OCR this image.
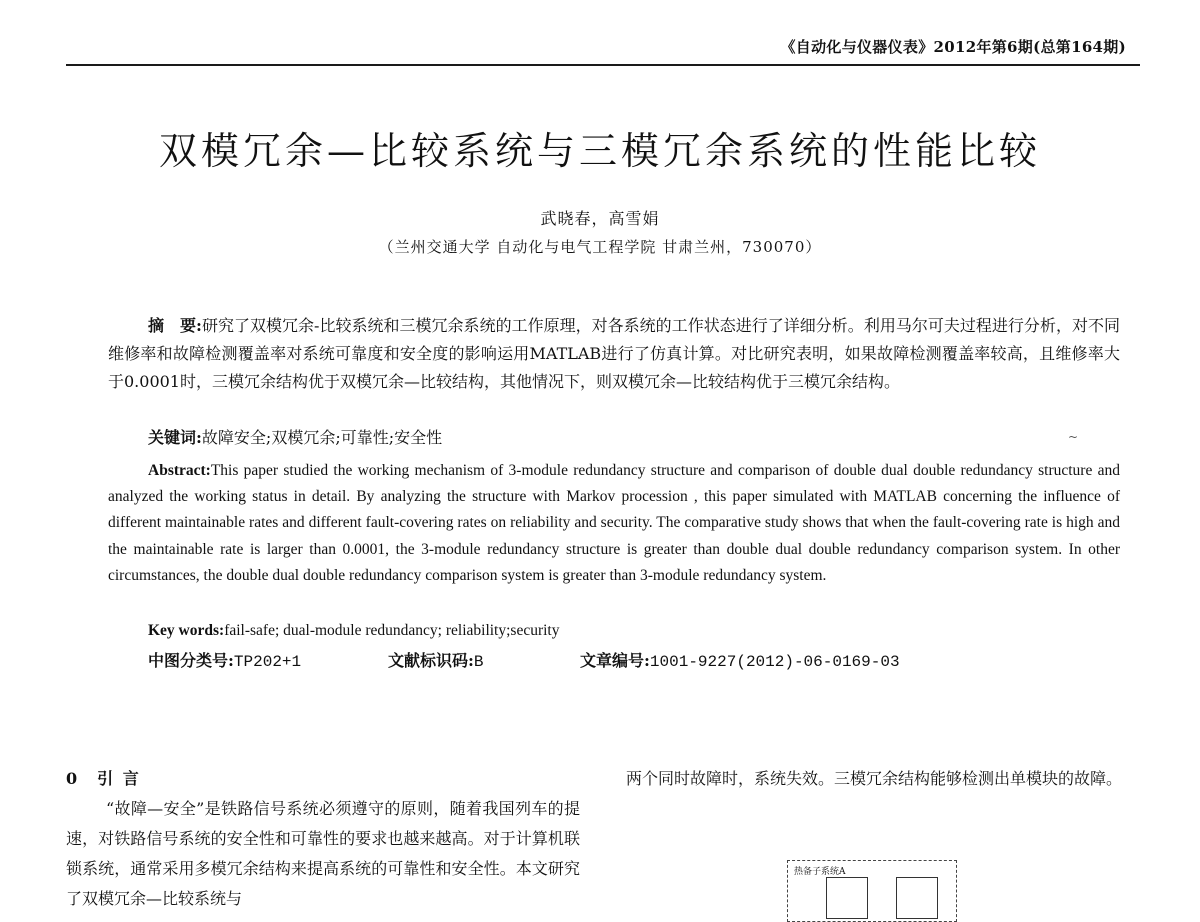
《自动化与仪器仪表》2012年第6期(总第164期)
双模冗余—比较系统与三模冗余系统的性能比较
武晓春，高雪娟
（兰州交通大学 自动化与电气工程学院 甘肃兰州，730070）
摘　要:研究了双模冗余-比较系统和三模冗余系统的工作原理，对各系统的工作状态进行了详细分析。利用马尔可夫过程进行分析，对不同维修率和故障检测覆盖率对系统可靠度和安全度的影响运用MATLAB进行了仿真计算。对比研究表明，如果故障检测覆盖率较高，且维修率大于0.0001时，三模冗余结构优于双模冗余—比较结构，其他情况下，则双模冗余—比较结构优于三模冗余结构。
关键词:故障安全;双模冗余;可靠性;安全性	~
Abstract:This paper studied the working mechanism of 3-module redundancy structure and comparison of double dual double redundancy structure and analyzed the working status in detail. By analyzing the structure with Markov procession , this paper simulated with MATLAB concerning the influence of different maintainable rates and different fault-covering rates on reliability and security. The comparative study shows that when the fault-covering rate is high and the maintainable rate is larger than 0.0001, the 3-module redundancy structure is greater than double dual double redundancy comparison system. In other circumstances, the double dual double redundancy comparison system is greater than 3-module redundancy system.
Key words:fail-safe; dual-module redundancy; reliability;security
中图分类号:TP202+1	文献标识码:B	文章编号:1001-9227(2012)-06-0169-03
0　引 言

“故障—安全”是铁路信号系统必须遵守的原则，随着我国列车的提速，对铁路信号系统的安全性和可靠性的要求也越来越高。对于计算机联锁系统，通常采用多模冗余结构来提高系统的可靠性和安全性。本文研究了双模冗余—比较系统与

两个同时故障时，系统失效。三模冗余结构能够检测出单模块的故障。

热备子系统A
